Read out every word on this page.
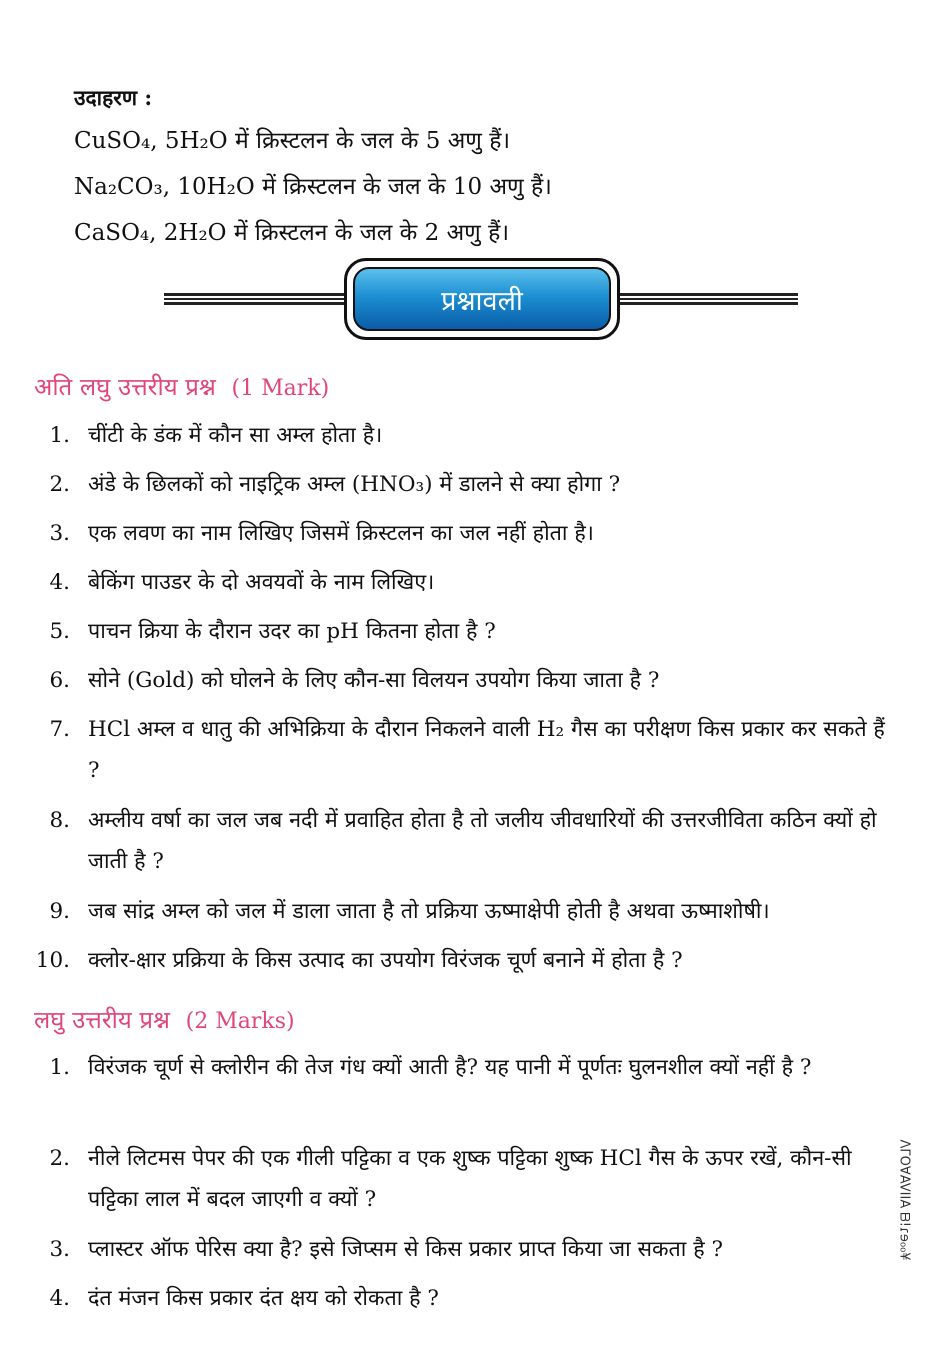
उदाहरण :
CuSO₄, 5H₂O में क्रिस्टलन के जल के 5 अणु हैं।
Na₂CO₃, 10H₂O में क्रिस्टलन के जल के 10 अणु हैं।
CaSO₄, 2H₂O में क्रिस्टलन के जल के 2 अणु हैं।
प्रश्नावली
अति लघु उत्तरीय प्रश्न (1 Mark)
1. चींटी के डंक में कौन सा अम्ल होता है।
2. अंडे के छिलकों को नाइट्रिक अम्ल (HNO₃) में डालने से क्या होगा ?
3. एक लवण का नाम लिखिए जिसमें क्रिस्टलन का जल नहीं होता है।
4. बेकिंग पाउडर के दो अवयवों के नाम लिखिए।
5. पाचन क्रिया के दौरान उदर का pH कितना होता है ?
6. सोने (Gold) को घोलने के लिए कौन-सा विलयन उपयोग किया जाता है ?
7. HCl अम्ल व धातु की अभिक्रिया के दौरान निकलने वाली H₂ गैस का परीक्षण किस प्रकार कर सकते हैं ?
8. अम्लीय वर्षा का जल जब नदी में प्रवाहित होता है तो जलीय जीवधारियों की उत्तरजीविता कठिन क्यों हो जाती है ?
9. जब सांद्र अम्ल को जल में डाला जाता है तो प्रक्रिया ऊष्माक्षेपी होती है अथवा ऊष्माशोषी।
10. क्लोर-क्षार प्रक्रिया के किस उत्पाद का उपयोग विरंजक चूर्ण बनाने में होता है ?
लघु उत्तरीय प्रश्न (2 Marks)
1. विरंजक चूर्ण से क्लोरीन की तेज गंध क्यों आती है? यह पानी में पूर्णतः घुलनशील क्यों नहीं है ?
2. नीले लिटमस पेपर की एक गीली पट्टिका व एक शुष्क पट्टिका शुष्क HCl गैस के ऊपर रखें, कौन-सी पट्टिका लाल में बदल जाएगी व क्यों ?
3. प्लास्टर ऑफ पेरिस क्या है? इसे जिप्सम से किस प्रकार प्राप्त किया जा सकता है ?
4. दंत मंजन किस प्रकार दंत क्षय को रोकता है ?
ΛΓOⱯAVIIA ᗷ!ɾɘ₀₀¥
